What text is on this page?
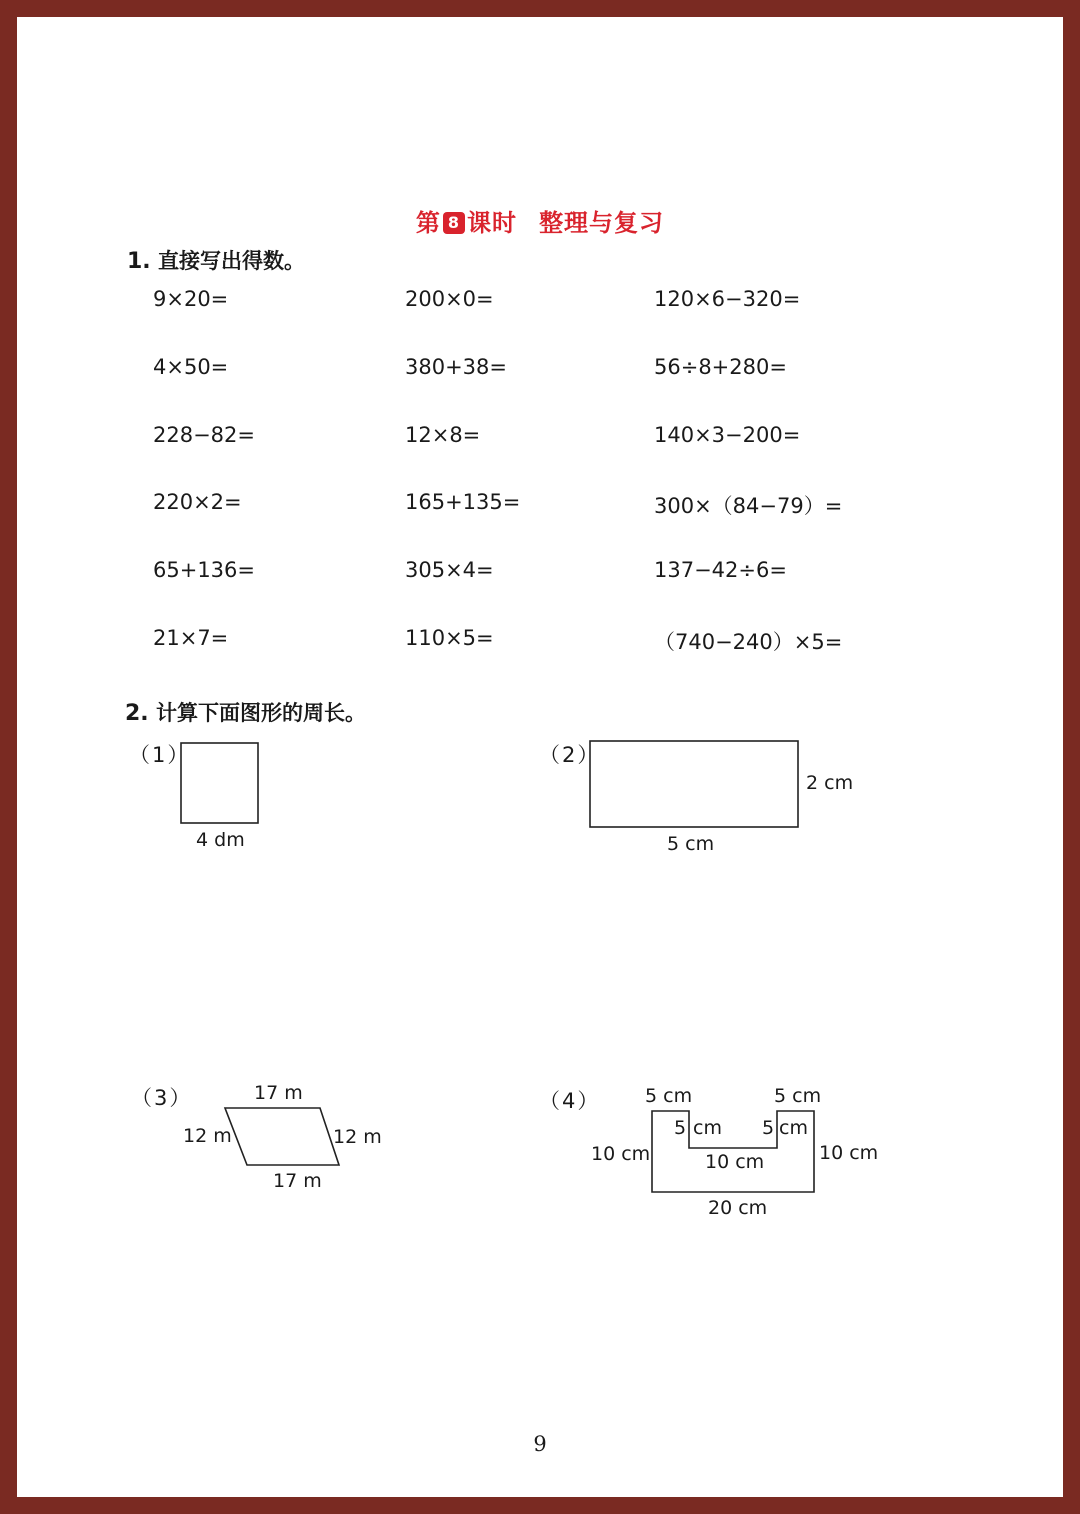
第 8 课时 整理与复习
1. 直接写出得数。
9×20=	200×0=	120×6−320=
4×50=	380+38=	56÷8+280=
228−82=	12×8=	140×3−200=
220×2=	165+135=	300×（84−79）=
65+136=	305×4=	137−42÷6=
21×7=	110×5=	（740−240）×5=
2. 计算下面图形的周长。
（1）
4 dm
（2）
2 cm
5 cm
（3）	17 m
12 m	12 m
17 m
（4） 5 cm	5 cm
5 cm 5 cm
10 cm
10 cm	10 cm
20 cm
9
